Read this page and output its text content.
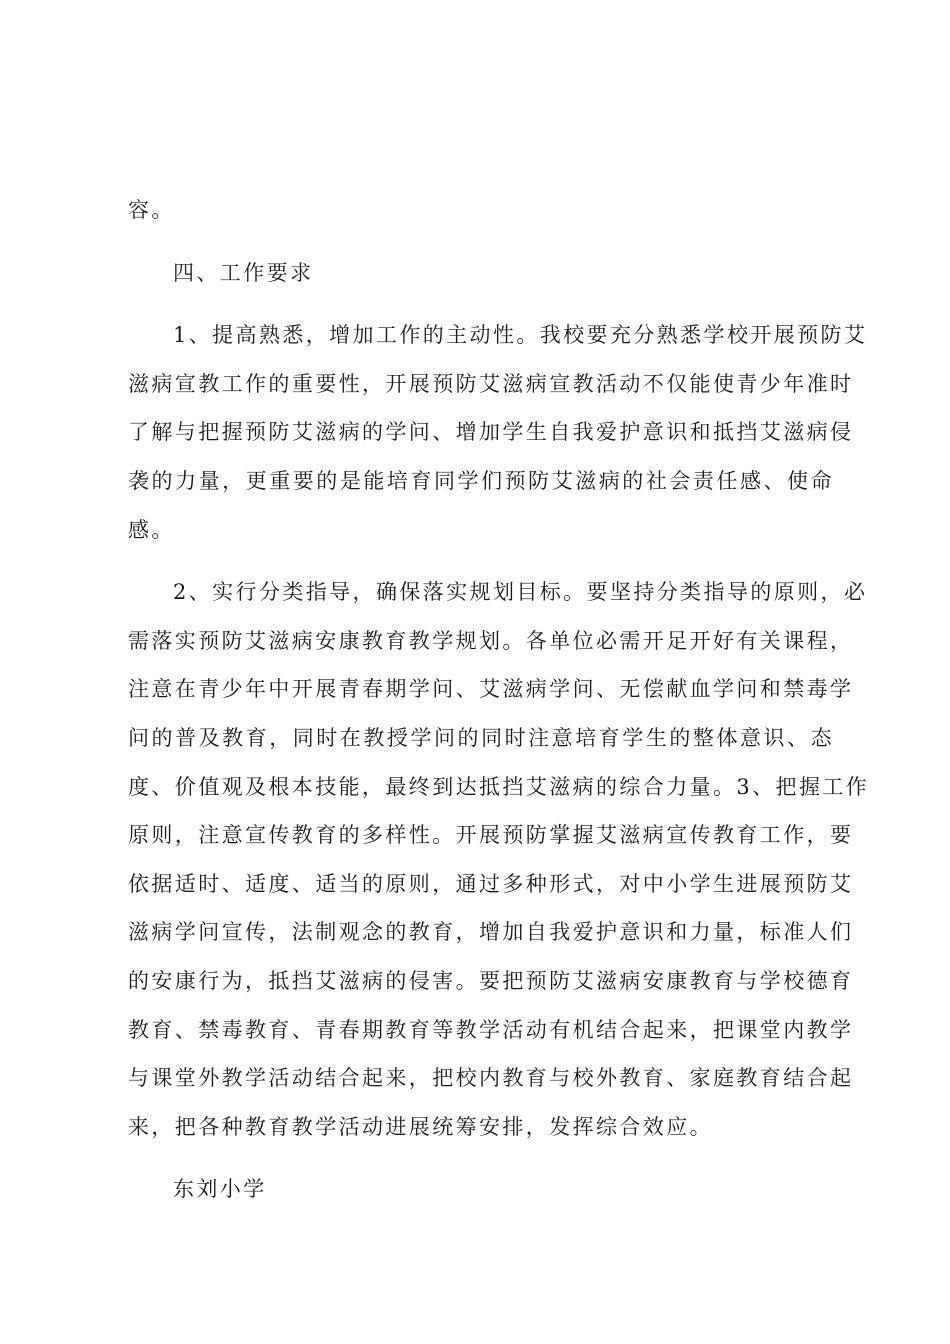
容。

四、工作要求

1、提高熟悉，增加工作的主动性。我校要充分熟悉学校开展预防艾
滋病宣教工作的重要性，开展预防艾滋病宣教活动不仅能使青少年准时
了解与把握预防艾滋病的学问、增加学生自我爱护意识和抵挡艾滋病侵
袭的力量，更重要的是能培育同学们预防艾滋病的社会责任感、使命
感。
2、实行分类指导，确保落实规划目标。要坚持分类指导的原则，必
需落实预防艾滋病安康教育教学规划。各单位必需开足开好有关课程，
注意在青少年中开展青春期学问、艾滋病学问、无偿献血学问和禁毒学
问的普及教育，同时在教授学问的同时注意培育学生的整体意识、态
度、价值观及根本技能，最终到达抵挡艾滋病的综合力量。3、把握工作
原则，注意宣传教育的多样性。开展预防掌握艾滋病宣传教育工作，要
依据适时、适度、适当的原则，通过多种形式，对中小学生进展预防艾
滋病学问宣传，法制观念的教育，增加自我爱护意识和力量，标准人们
的安康行为，抵挡艾滋病的侵害。要把预防艾滋病安康教育与学校德育
教育、禁毒教育、青春期教育等教学活动有机结合起来，把课堂内教学
与课堂外教学活动结合起来，把校内教育与校外教育、家庭教育结合起
来，把各种教育教学活动进展统筹安排，发挥综合效应。

东刘小学
